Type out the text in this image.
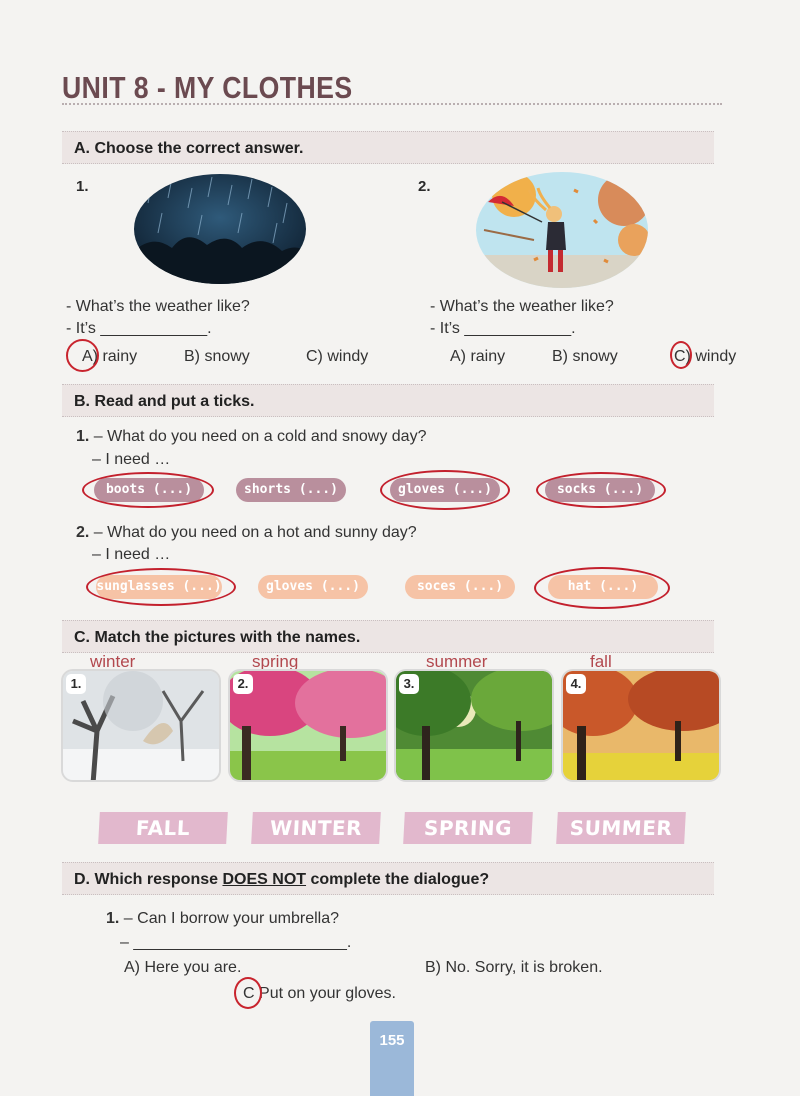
UNIT 8 - MY CLOTHES
A. Choose the correct answer.
1.	2.
- What’s the weather like?
- It’s ____________.
- What’s the weather like?
- It’s ____________.
A) rainy	B) snowy	C) windy	A) rainy	B) snowy	C) windy
B. Read and put a ticks.
1. – What do you need on a cold and snowy day?
– I need …
boots (...)	shorts (...)	gloves (...)	socks (...)
2. – What do you need on a hot and sunny day?
– I need …
sunglasses (...)	gloves (...)	soces (...)	hat (...)
C. Match the pictures with the names.
winter	spring	summer	fall
1.	2.	3.	4.
FALL	WINTER	SPRING	SUMMER
D. Which response DOES NOT complete the dialogue?
1. – Can I borrow your umbrella?
– ________________________.
A) Here you are.	B) No. Sorry, it is broken.
C Put on your gloves.
155
